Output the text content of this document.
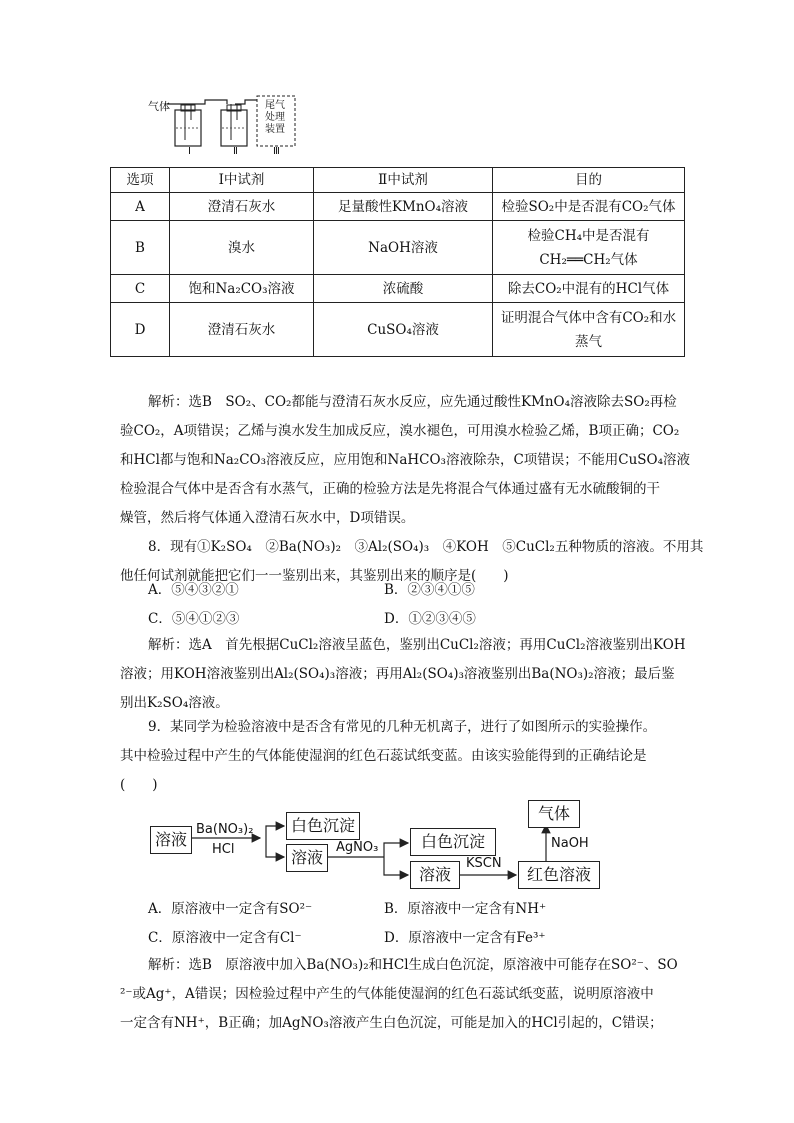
气体
Ⅰ	Ⅱ
尾气
处理
装置
Ⅲ
选项	Ⅰ中试剂	Ⅱ中试剂	目的
A	澄清石灰水	足量酸性KMnO₄溶液	检验SO₂中是否混有CO₂气体
B	溴水	NaOH溶液	检验CH₄中是否混有CH₂══CH₂气体
C	饱和Na₂CO₃溶液	浓硫酸	除去CO₂中混有的HCl气体
D	澄清石灰水	CuSO₄溶液	证明混合气体中含有CO₂和水蒸气
解析：选B　SO₂、CO₂都能与澄清石灰水反应，应先通过酸性KMnO₄溶液除去SO₂再检
验CO₂，A项错误；乙烯与溴水发生加成反应，溴水褪色，可用溴水检验乙烯，B项正确；CO₂
和HCl都与饱和Na₂CO₃溶液反应，应用饱和NaHCO₃溶液除杂，C项错误；不能用CuSO₄溶液
检验混合气体中是否含有水蒸气，正确的检验方法是先将混合气体通过盛有无水硫酸铜的干
燥管，然后将气体通入澄清石灰水中，D项错误。
8．现有①K₂SO₄　②Ba(NO₃)₂　③Al₂(SO₄)₃　④KOH　⑤CuCl₂五种物质的溶液。不用其
他任何试剂就能把它们一一鉴别出来，其鉴别出来的顺序是(　　)
A．⑤④③②①	B．②③④①⑤
C．⑤④①②③	D．①②③④⑤
解析：选A　首先根据CuCl₂溶液呈蓝色，鉴别出CuCl₂溶液；再用CuCl₂溶液鉴别出KOH
溶液；用KOH溶液鉴别出Al₂(SO₄)₃溶液；再用Al₂(SO₄)₃溶液鉴别出Ba(NO₃)₂溶液；最后鉴
别出K₂SO₄溶液。
9．某同学为检验溶液中是否含有常见的几种无机离子，进行了如图所示的实验操作。
其中检验过程中产生的气体能使湿润的红色石蕊试纸变蓝。由该实验能得到的正确结论是
(　　)
溶液
Ba(NO₃)₂
HCl
白色沉淀
溶液
AgNO₃	白色沉淀
溶液
KSCN
红色溶液
NaOH
气体
A．原溶液中一定含有SO²⁻	B．原溶液中一定含有NH⁺
C．原溶液中一定含有Cl⁻	D．原溶液中一定含有Fe³⁺
解析：选B　原溶液中加入Ba(NO₃)₂和HCl生成白色沉淀，原溶液中可能存在SO²⁻、SO
²⁻或Ag⁺，A错误；因检验过程中产生的气体能使湿润的红色石蕊试纸变蓝，说明原溶液中
一定含有NH⁺，B正确；加AgNO₃溶液产生白色沉淀，可能是加入的HCl引起的，C错误；
